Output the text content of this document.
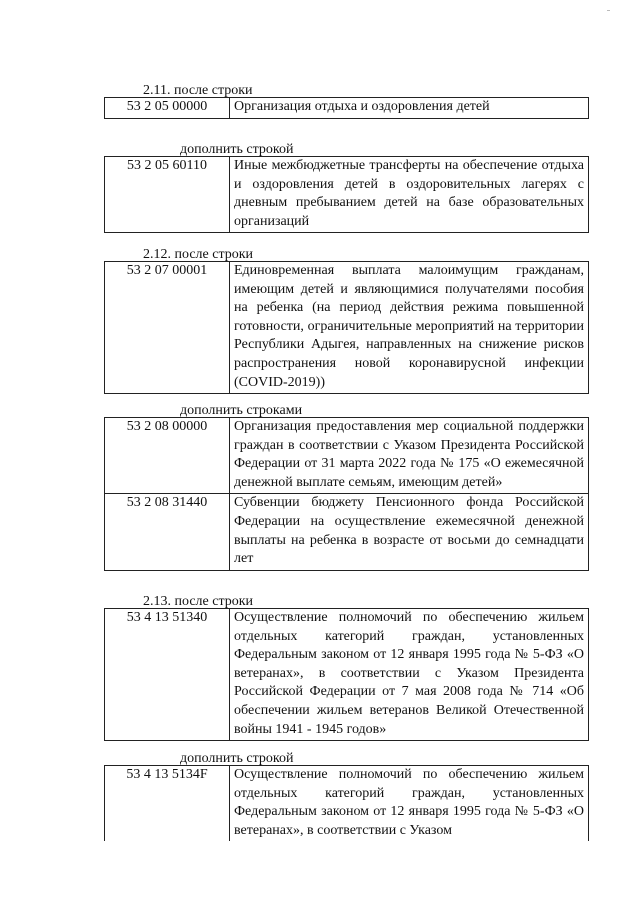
2.11. после строки
53 2 05 00000	Организация отдыха и оздоровления детей
дополнить строкой
53 2 05 60110	Иные межбюджетные трансферты на обеспечение отдыха и оздоровления детей в оздоровительных лагерях с дневным пребыванием детей на базе образовательных организаций
2.12. после строки
53 2 07 00001	Единовременная выплата малоимущим гражданам, имеющим детей и являющимися получателями пособия на ребенка (на период действия режима повышенной готовности, ограничительные мероприятий на территории Республики Адыгея, направленных на снижение рисков распространения новой коронавирусной инфекции (COVID-2019))
дополнить строками
53 2 08 00000	Организация предоставления мер социальной поддержки граждан в соответствии с Указом Президента Российской Федерации от 31 марта 2022 года № 175 «О ежемесячной денежной выплате семьям, имеющим детей»
53 2 08 31440	Субвенции бюджету Пенсионного фонда Российской Федерации на осуществление ежемесячной денежной выплаты на ребенка в возрасте от восьми до семнадцати лет
2.13. после строки
53 4 13 51340	Осуществление полномочий по обеспечению жильем отдельных категорий граждан, установленных Федеральным законом от 12 января 1995 года № 5-ФЗ «О ветеранах», в соответствии с Указом Президента Российской Федерации от 7 мая 2008 года № 714 «Об обеспечении жильем ветеранов Великой Отечественной войны 1941 - 1945 годов»
дополнить строкой
53 4 13 5134F	Осуществление полномочий по обеспечению жильем отдельных категорий граждан, установленных Федеральным законом от 12 января 1995 года № 5-ФЗ «О ветеранах», в соответствии с Указом
